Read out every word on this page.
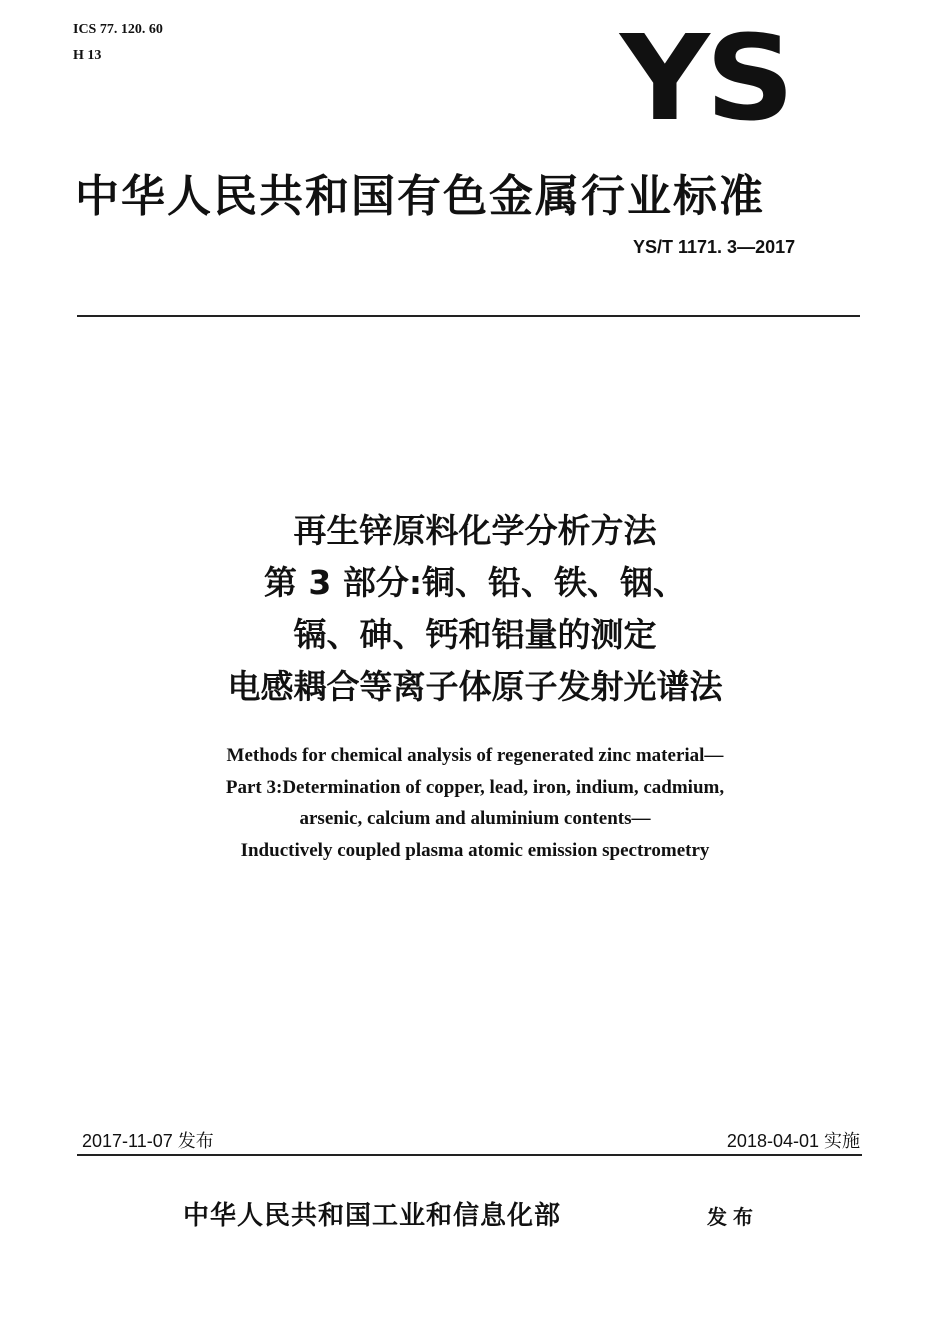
ICS 77. 120. 60
H 13	YS
中华人民共和国有色金属行业标准
YS/T 1171. 3—2017
再生锌原料化学分析方法
第 3 部分:铜、铅、铁、铟、
镉、砷、钙和铝量的测定
电感耦合等离子体原子发射光谱法
Methods for chemical analysis of regenerated zinc material—
Part 3:Determination of copper, lead, iron, indium, cadmium,
arsenic, calcium and aluminium contents—
Inductively coupled plasma atomic emission spectrometry
2017-11-07 发布	2018-04-01 实施
中华人民共和国工业和信息化部	发布
